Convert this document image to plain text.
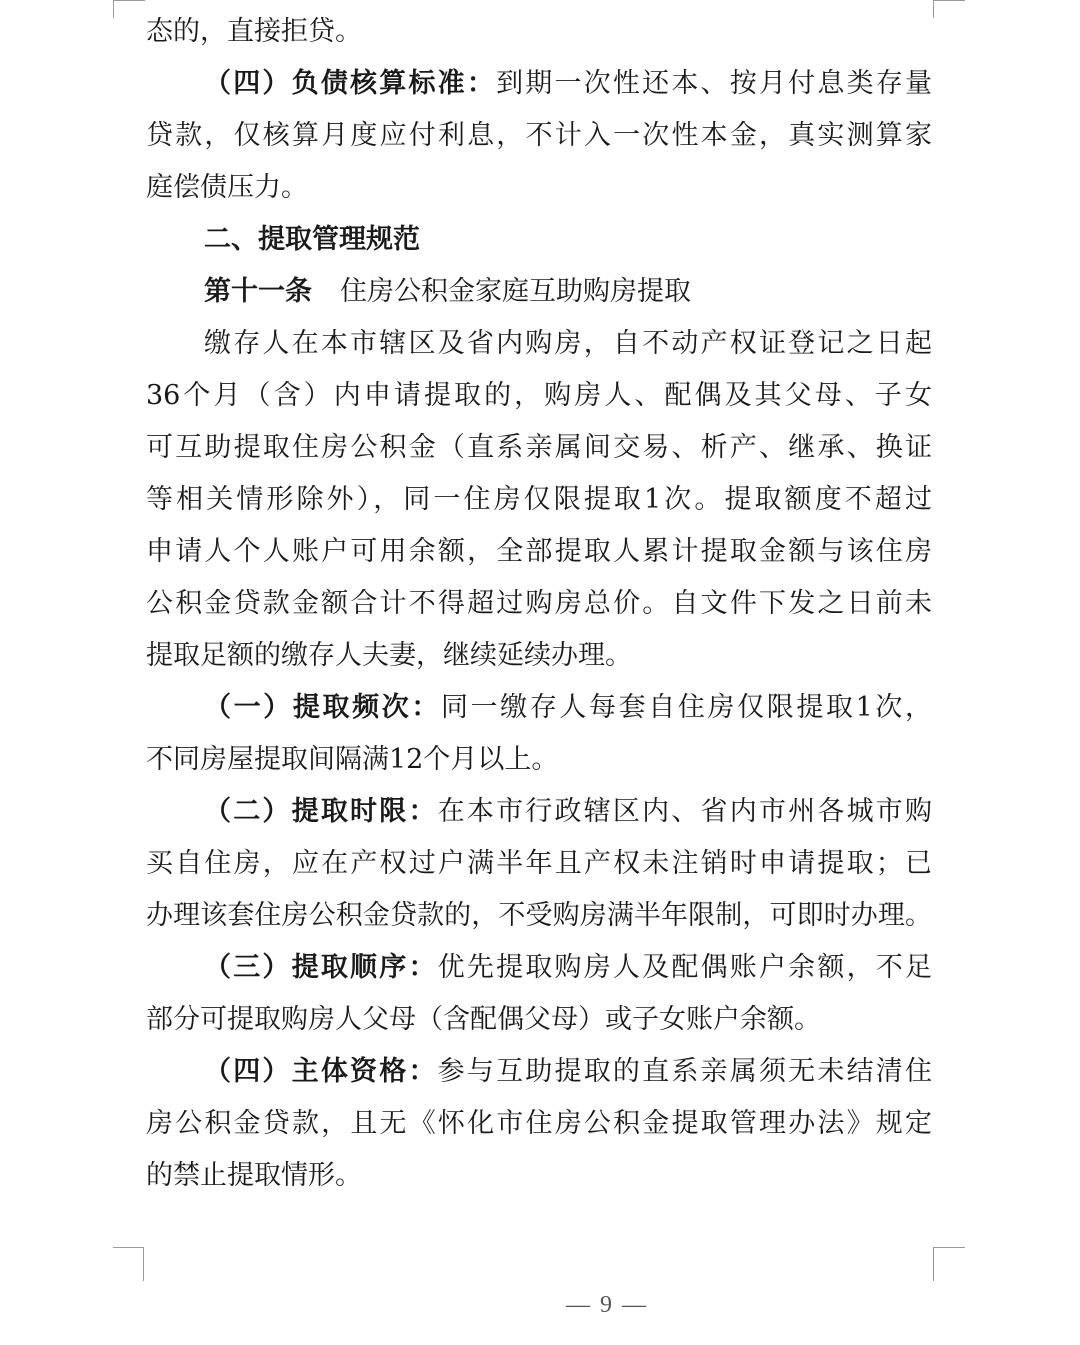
态的，直接拒贷。
（四）负债核算标准：到期一次性还本、按月付息类存量
贷款，仅核算月度应付利息，不计入一次性本金，真实测算家
庭偿债压力。
二、提取管理规范
第十一条 住房公积金家庭互助购房提取
缴存人在本市辖区及省内购房，自不动产权证登记之日起
36个月（含）内申请提取的，购房人、配偶及其父母、子女
可互助提取住房公积金（直系亲属间交易、析产、继承、换证
等相关情形除外），同一住房仅限提取1次。提取额度不超过
申请人个人账户可用余额，全部提取人累计提取金额与该住房
公积金贷款金额合计不得超过购房总价。自文件下发之日前未
提取足额的缴存人夫妻，继续延续办理。
（一）提取频次：同一缴存人每套自住房仅限提取1次，
不同房屋提取间隔满12个月以上。
（二）提取时限：在本市行政辖区内、省内市州各城市购
买自住房，应在产权过户满半年且产权未注销时申请提取；已
办理该套住房公积金贷款的，不受购房满半年限制，可即时办理。
（三）提取顺序：优先提取购房人及配偶账户余额，不足
部分可提取购房人父母（含配偶父母）或子女账户余额。
（四）主体资格：参与互助提取的直系亲属须无未结清住
房公积金贷款，且无《怀化市住房公积金提取管理办法》规定
的禁止提取情形。
— 9 —
